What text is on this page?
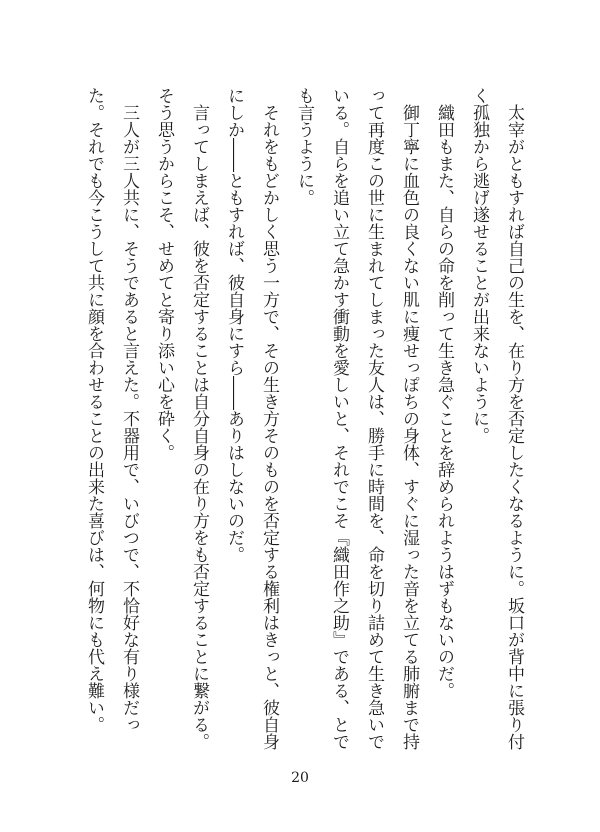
太宰がともすれば自己の生を、在り方を否定したくなるように。坂口が背中に張り付く孤独から逃げ遂せることが出来ないように。

織田もまた、自らの命を削って生き急ぐことを辞められようはずもないのだ。

御丁寧に血色の良くない肌に痩せっぽちの身体、すぐに湿った音を立てる肺腑まで持って再度この世に生まれてしまった友人は、勝手に時間を、命を切り詰めて生き急いでいる。自らを追い立て急かす衝動を愛しいと、それでこそ『織田作之助』である、とでも言うように。

それをもどかしく思う一方で、その生き方そのものを否定する権利はきっと、彼自身にしか――ともすれば、彼自身にすら――ありはしないのだ。

言ってしまえば、彼を否定することは自分自身の在り方をも否定することに繋がる。そう思うからこそ、せめてと寄り添い心を砕く。

三人が三人共に、そうであると言えた。不器用で、いびつで、不恰好な有り様だった。それでも今こうして共に顔を合わせることの出来た喜びは、何物にも代え難い。

20
